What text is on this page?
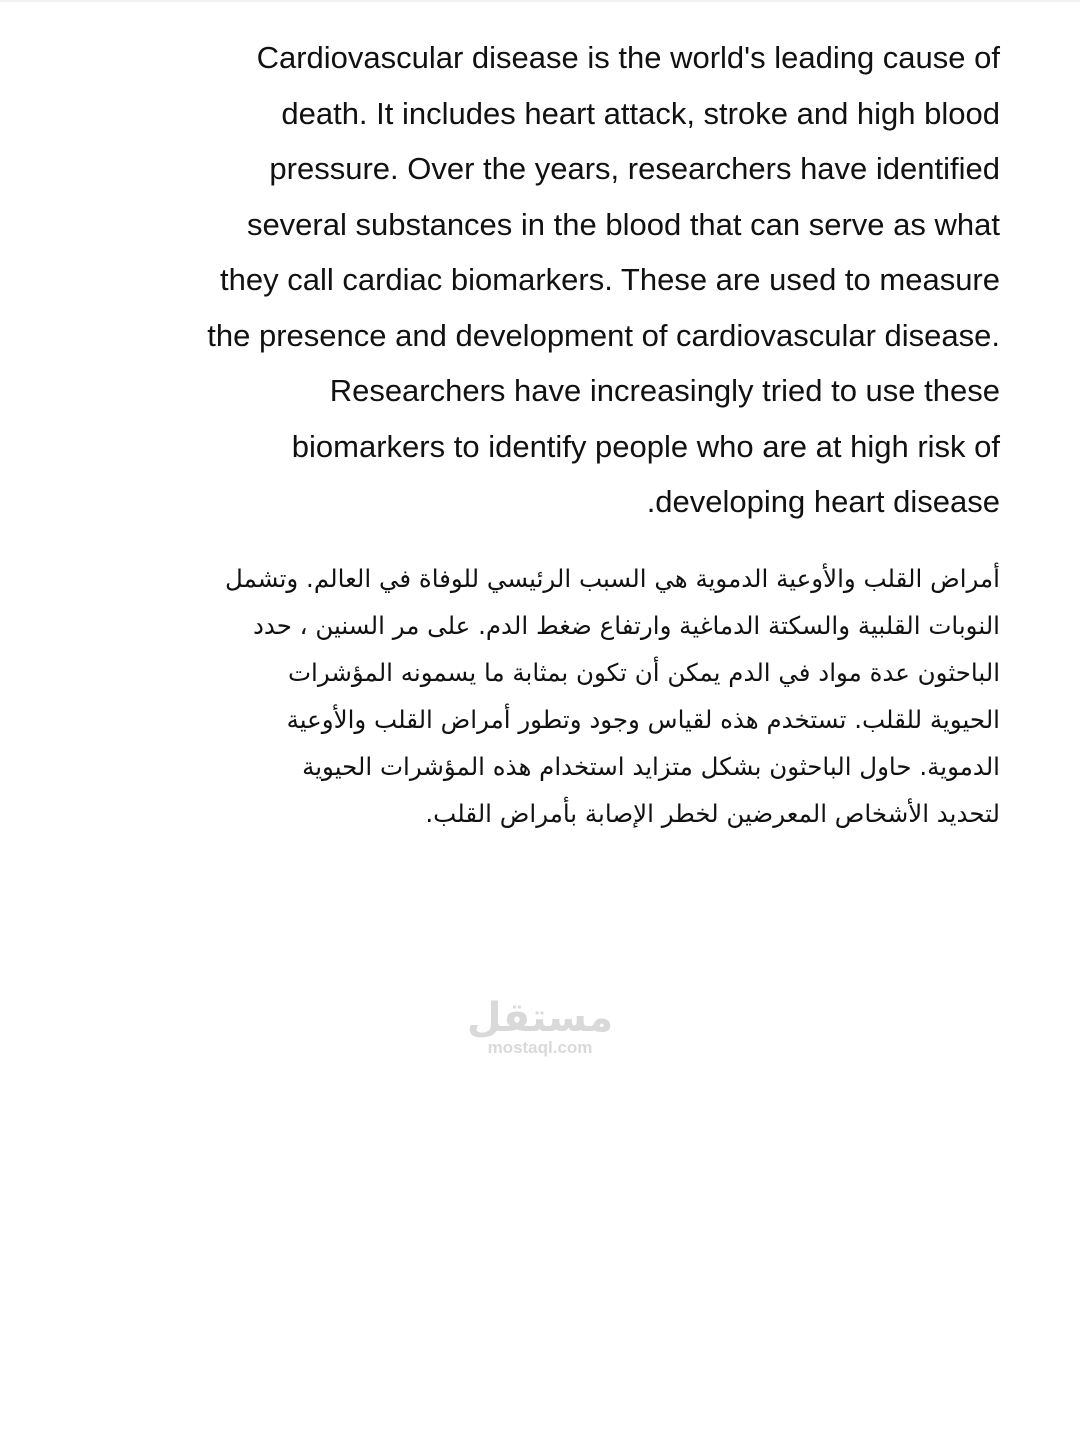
Cardiovascular disease is the world's leading cause of
death. It includes heart attack, stroke and high blood
pressure. Over the years, researchers have identified
several substances in the blood that can serve as what
they call cardiac biomarkers. These are used to measure
the presence and development of cardiovascular disease.
Researchers have increasingly tried to use these
biomarkers to identify people who are at high risk of
.developing heart disease
أمراض القلب والأوعية الدموية هي السبب الرئيسي للوفاة في العالم. وتشمل
النوبات القلبية والسكتة الدماغية وارتفاع ضغط الدم. على مر السنين ، حدد
الباحثون عدة مواد في الدم يمكن أن تكون بمثابة ما يسمونه المؤشرات
الحيوية للقلب. تستخدم هذه لقياس وجود وتطور أمراض القلب والأوعية
الدموية. حاول الباحثون بشكل متزايد استخدام هذه المؤشرات الحيوية
لتحديد الأشخاص المعرضين لخطر الإصابة بأمراض القلب.
مستقل
mostaql.com
